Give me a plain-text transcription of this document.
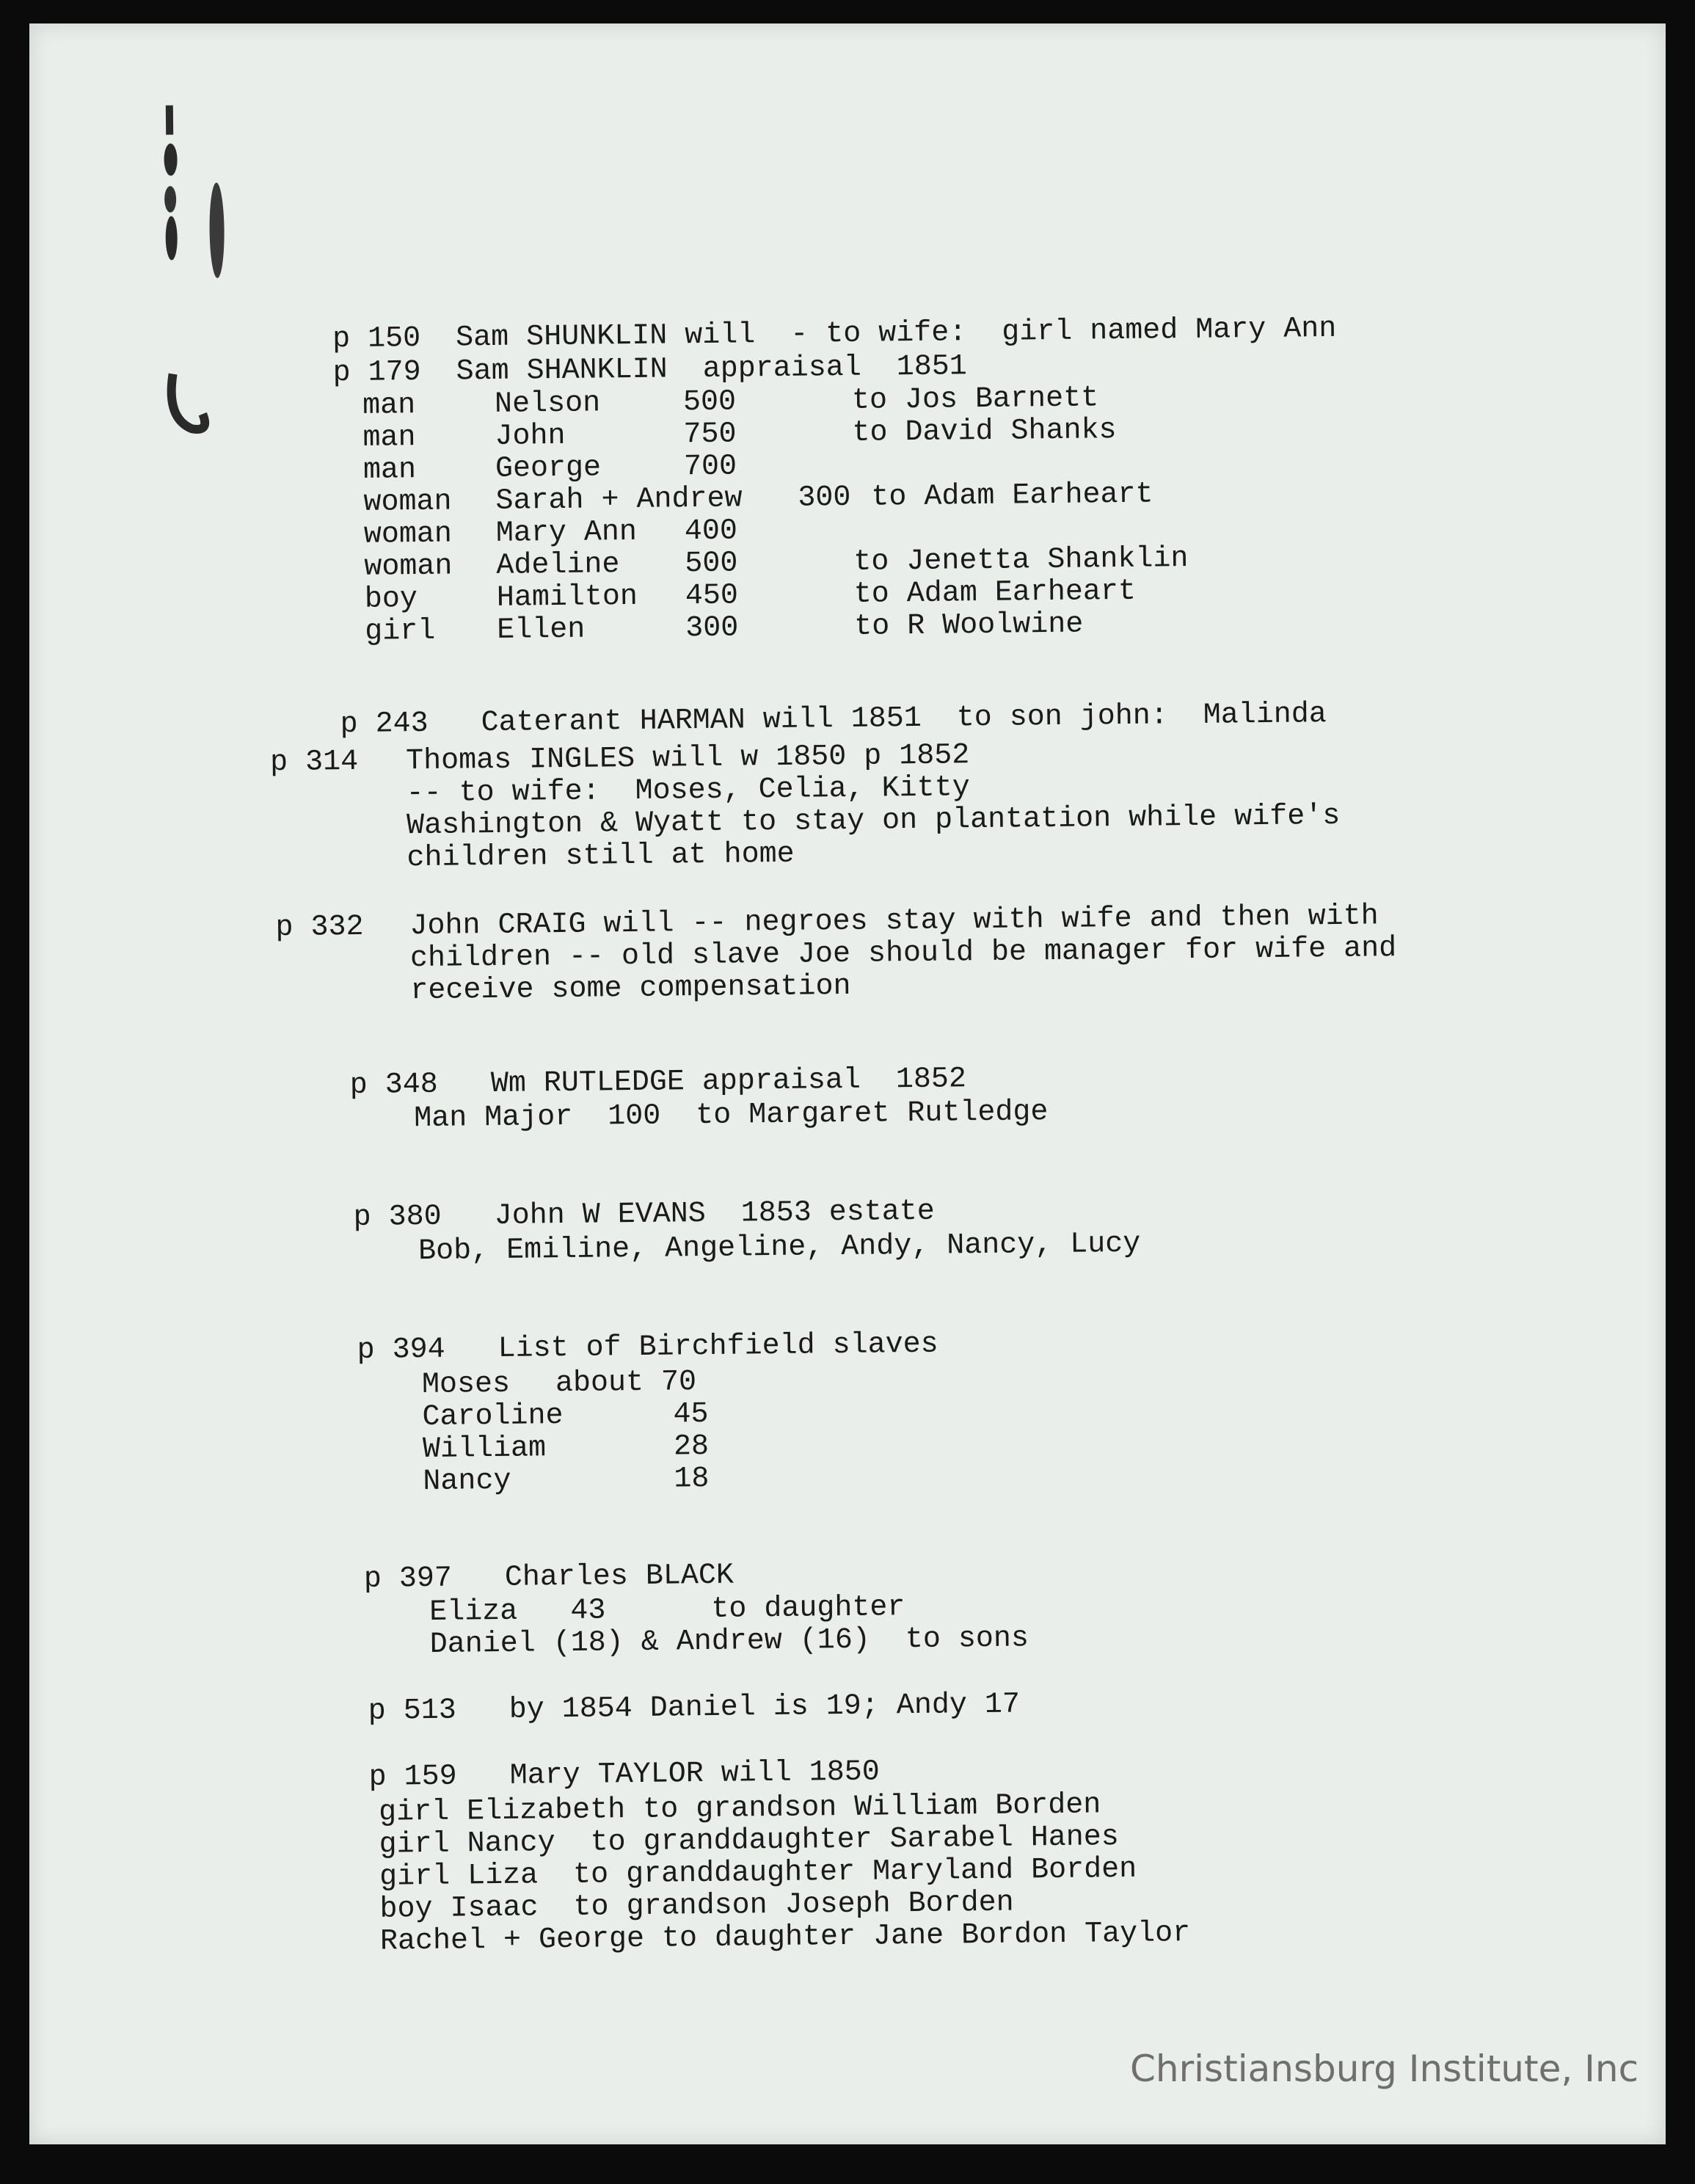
p 150 Sam SHUNKLIN will  - to wife:  girl named Mary Ann

p 179 Sam SHANKLIN  appraisal  1851

man	Nelson	500	to Jos Barnett
man	John	750	to David Shanks
man	George	700
woman Sarah + Andrew 300 to Adam Earheart
woman Mary Ann 400
woman Adeline 500	to Jenetta Shanklin
boy	Hamilton 450	to Adam Earheart
girl Ellen	300	to R Woolwine

p 243 Caterant HARMAN will 1851  to son john:  Malinda

p 314 Thomas INGLES will w 1850 p 1852
-- to wife:  Moses, Celia, Kitty
Washington & Wyatt to stay on plantation while wife's
children still at home
p 332 John CRAIG will -- negroes stay with wife and then with
children -- old slave Joe should be manager for wife and
receive some compensation

p 348 Wm RUTLEDGE appraisal  1852

Man Major  100  to Margaret Rutledge

p 380 John W EVANS  1853 estate

Bob, Emiline, Angeline, Andy, Nancy, Lucy

p 394 List of Birchfield slaves

Moses about 70
Caroline	45
William	28
Nancy	18

p 397 Charles BLACK

Eliza   43      to daughter
Daniel (18) & Andrew (16)  to sons

p 513 by 1854 Daniel is 19; Andy 17

p 159 Mary TAYLOR will 1850

girl Elizabeth to grandson William Borden
girl Nancy  to granddaughter Sarabel Hanes
girl Liza  to granddaughter Maryland Borden
boy Isaac  to grandson Joseph Borden
Rachel + George to daughter Jane Bordon Taylor
Christiansburg Institute, Inc
